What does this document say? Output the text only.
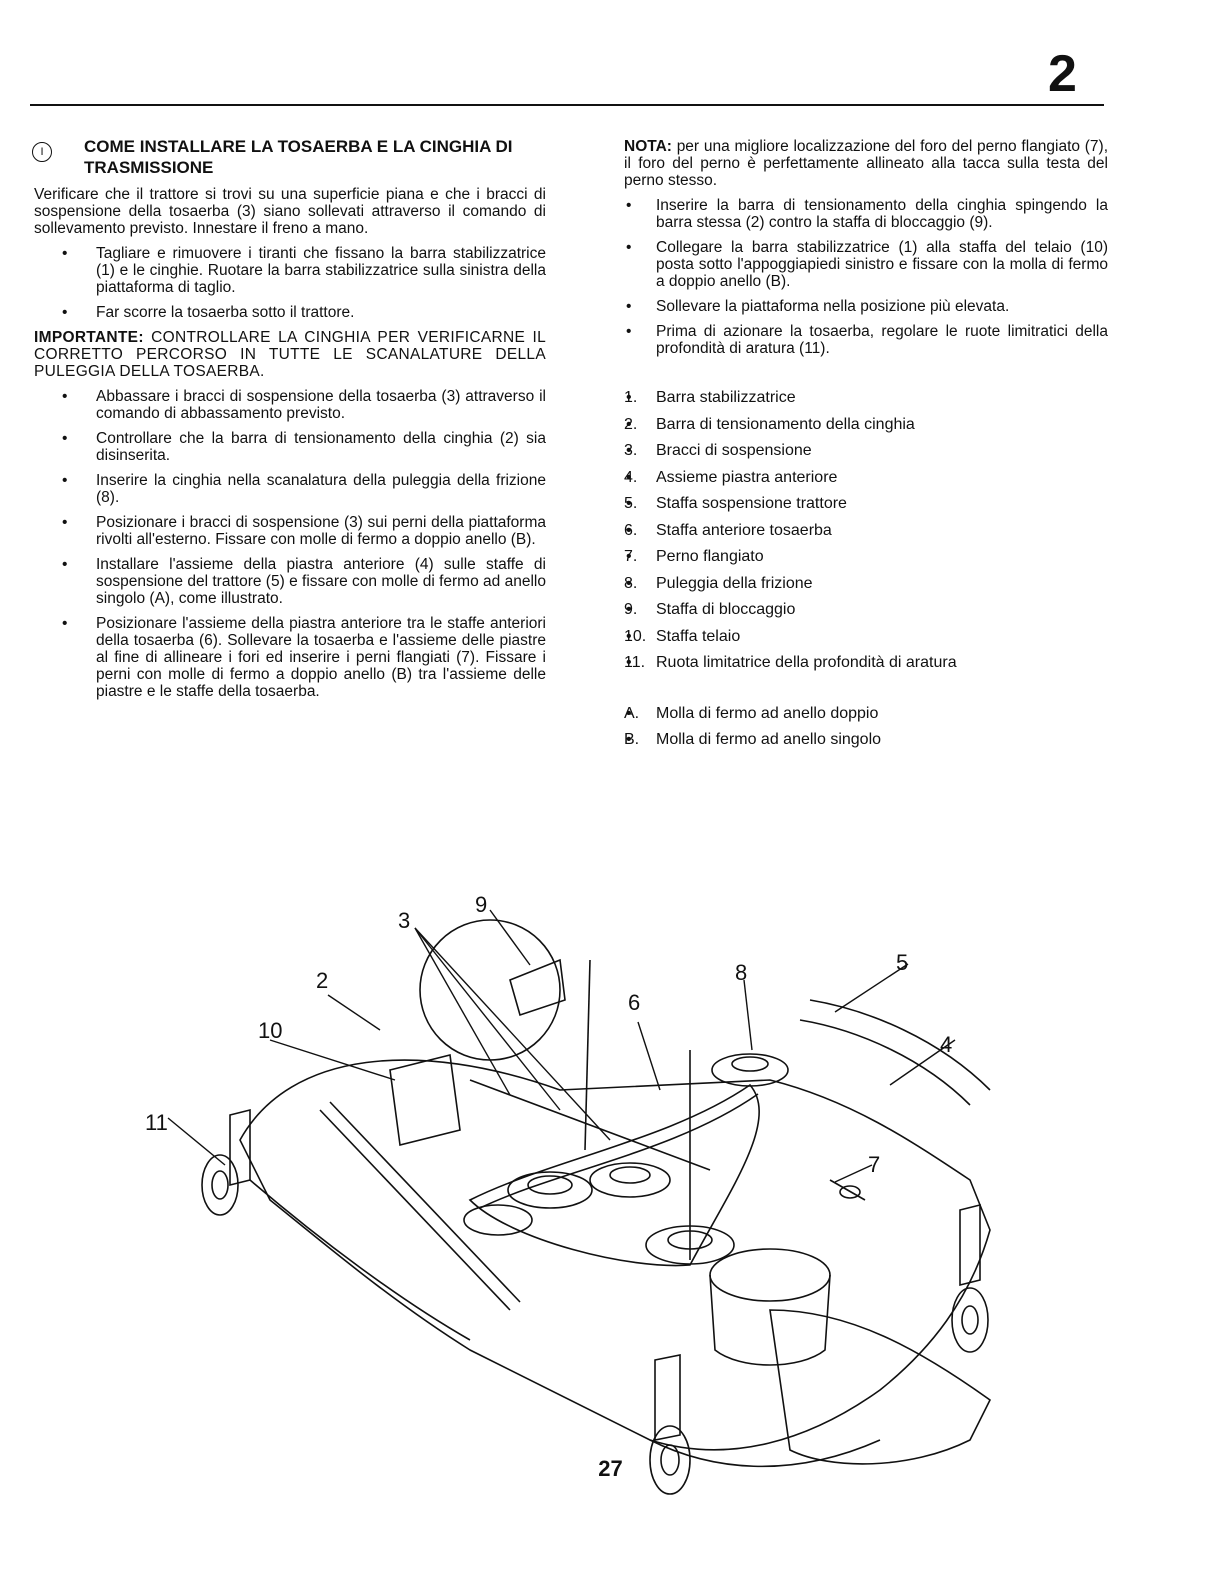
2
I	COME INSTALLARE LA TOSAERBA E LA CINGHIA DI TRASMISSIONE

Verificare che il trattore si trovi su una superficie piana e che i bracci di sospensione della tosaerba (3) siano sollevati attraverso il comando di sollevamento previsto. Innestare il freno a mano.

• Tagliare e rimuovere i tiranti che fissano la barra stabilizzatrice (1) e le cinghie. Ruotare la barra stabilizzatrice sulla sinistra della piattaforma di taglio.
• Far scorre la tosaerba sotto il trattore.
IMPORTANTE: CONTROLLARE LA CINGHIA PER VERIFICARNE IL CORRETTO PERCORSO IN TUTTE LE SCANALATURE DELLA PULEGGIA DELLA TOSAERBA.
• Abbassare i bracci di sospensione della tosaerba (3) attraverso il comando di abbassamento previsto.
• Controllare che la barra di tensionamento della cinghia (2) sia disinserita.
• Inserire la cinghia nella scanalatura della puleggia della frizione (8).
• Posizionare i bracci di sospensione (3) sui perni della piattaforma rivolti all'esterno. Fissare con molle di fermo a doppio anello (B).
• Installare l'assieme della piastra anteriore (4) sulle staffe di sospensione del trattore (5) e fissare con molle di fermo ad anello singolo (A), come illustrato.
• Posizionare l'assieme della piastra anteriore tra le staffe anteriori della tosaerba (6). Sollevare la tosaerba e l'assieme delle piastre al fine di allineare i fori ed inserire i perni flangiati (7). Fissare i perni con molle di fermo a doppio anello (B) tra l'assieme delle piastre e le staffe della tosaerba.

NOTA: per una migliore localizzazione del foro del perno flangiato (7), il foro del perno è perfettamente allineato alla tacca sulla testa del perno stesso.

• Inserire la barra di tensionamento della cinghia spingendo la barra stessa (2) contro la staffa di bloccaggio (9).
• Collegare la barra stabilizzatrice (1) alla staffa del telaio (10) posta sotto l'appoggiapiedi sinistro e fissare con la molla di fermo a doppio anello (B).
• Sollevare la piattaforma nella posizione più elevata.
• Prima di azionare la tosaerba, regolare le ruote limitratici della profondità di aratura (11).
• 1. Barra stabilizzatrice
• 2. Barra di tensionamento della cinghia
• 3. Bracci di sospensione
• 4. Assieme piastra anteriore
• 5. Staffa sospensione trattore
• 6. Staffa anteriore tosaerba
• 7. Perno flangiato
• 8. Puleggia della frizione
• 9. Staffa di bloccaggio
• 10. Staffa telaio
• 11. Ruota limitatrice della profondità di aratura
• A. Molla di fermo ad anello doppio
• B. Molla di fermo ad anello singolo
3
9
2
10
11
6
8	5
4
7
27
